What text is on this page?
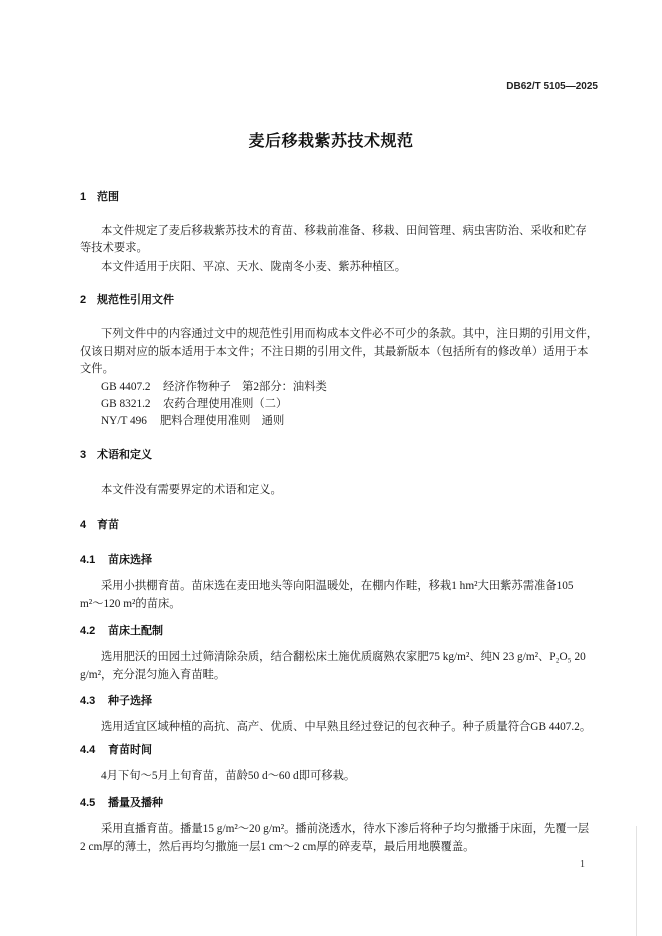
DB62/T 5105—2025
麦后移栽紫苏技术规范
1 范围
本文件规定了麦后移栽紫苏技术的育苗、移栽前准备、移栽、田间管理、病虫害防治、采收和贮存
等技术要求。
本文件适用于庆阳、平凉、天水、陇南冬小麦、紫苏种植区。
2 规范性引用文件
下列文件中的内容通过文中的规范性引用而构成本文件必不可少的条款。其中，注日期的引用文件，
仅该日期对应的版本适用于本文件；不注日期的引用文件，其最新版本（包括所有的修改单）适用于本
文件。
GB 4407.2 经济作物种子　第2部分：油料类
GB 8321.2 农药合理使用准则（二）
NY/T 496 肥料合理使用准则　通则
3 术语和定义
本文件没有需要界定的术语和定义。
4 育苗
4.1 苗床选择
采用小拱棚育苗。苗床选在麦田地头等向阳温暖处，在棚内作畦，移栽1 hm²大田紫苏需准备105
m²～120 m²的苗床。
4.2 苗床土配制
选用肥沃的田园土过筛清除杂质，结合翻松床土施优质腐熟农家肥75 kg/m²、纯N 23 g/m²、P₂O₅ 20
g/m²，充分混匀施入育苗畦。
4.3 种子选择
选用适宜区域种植的高抗、高产、优质、中早熟且经过登记的包衣种子。种子质量符合GB 4407.2。
4.4 育苗时间
4月下旬～5月上旬育苗，苗龄50 d～60 d即可移栽。
4.5 播量及播种
采用直播育苗。播量15 g/m²～20 g/m²。播前浇透水，待水下渗后将种子均匀撒播于床面，先覆一层
2 cm厚的薄土，然后再均匀撒施一层1 cm～2 cm厚的碎麦草，最后用地膜覆盖。
1
